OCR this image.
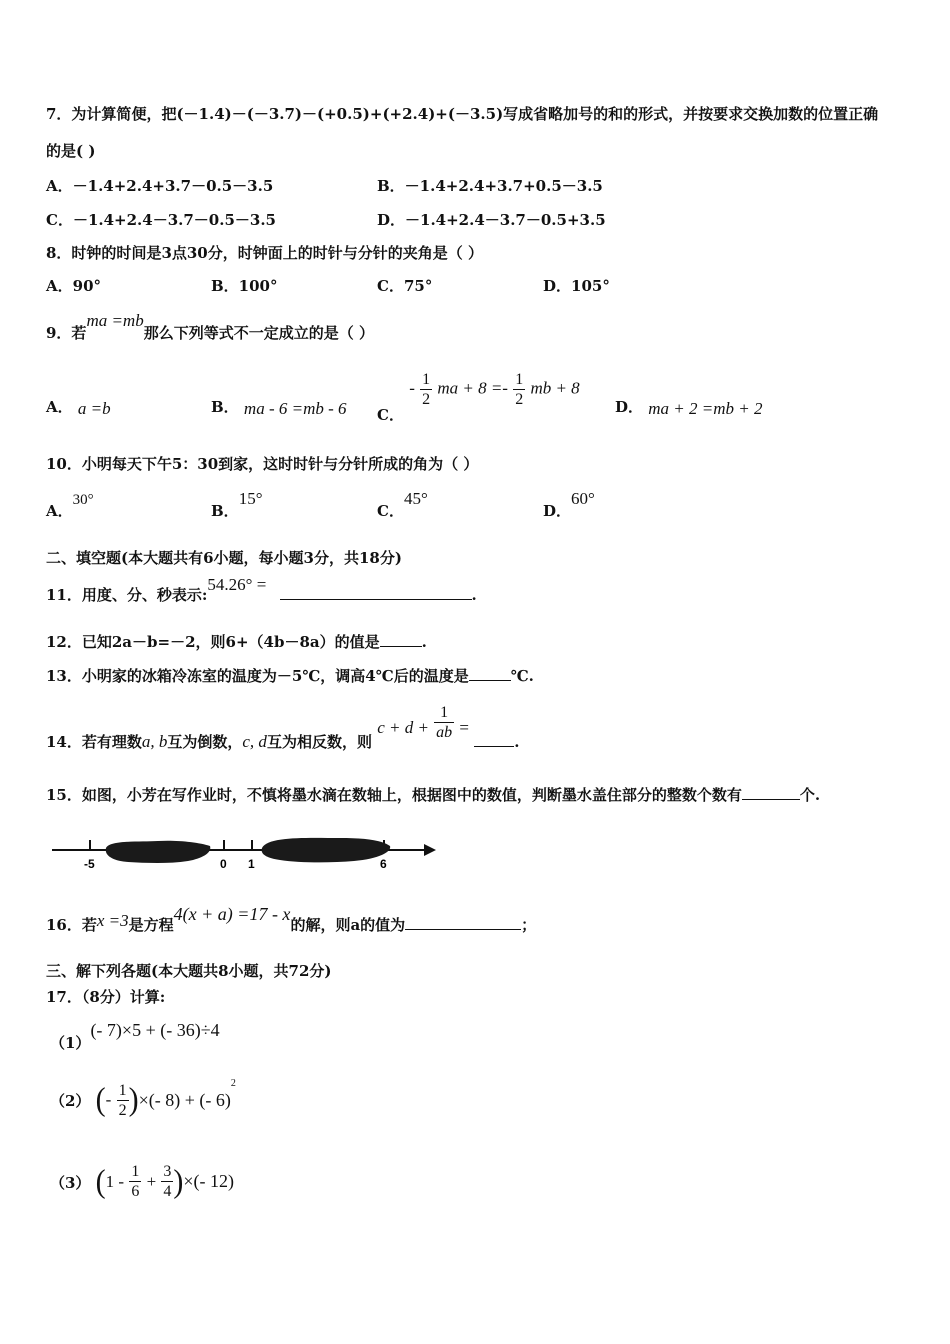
7．为计算简便，把(－1.4)－(－3.7)－(+0.5)+(+2.4)+(－3.5)写成省略加号的和的形式，并按要求交换加数的位置正确
的是( )
A．－1.4+2.4+3.7－0.5－3.5	B．－1.4+2.4+3.7+0.5－3.5
C．－1.4+2.4－3.7－0.5－3.5	D．－1.4+2.4－3.7－0.5+3.5
8．时钟的时间是3点30分，时钟面上的时针与分针的夹角是（ ）
A．90°	B．100°	C．75°	D．105°
9．若ma =mb那么下列等式不一定成立的是（ ）
A． a =b	B． ma - 6 =mb - 6 C． - $\frac{1}{2}$ ma + $8 =- \frac{1}{2}$ mb + 8
D． ma + 2 =mb + 2
10．小明每天下午5：30到家，这时时针与分针所成的角为（ ）
A．30°
B．15°
C．45°
D．60°
二、填空题(本大题共有6小题，每小题3分，共18分)
11．用度、分、秒表示:54.26° = .
12．已知2a－b=－2，则6+（4b－8a）的值是	.
13．小明家的冰箱冷冻室的温度为－5℃，调高4℃后的温度是	℃.
14．若有理数a, b互为倒数，c, d互为相反数，则 $c + d + \frac{1}{ab}$ = .
15．如图，小芳在写作业时，不慎将墨水滴在数轴上，根据图中的数值，判断墨水盖住部分的整数个数有	个.
-5	0 1	6
16．若x =3是方程4(x + a) =17 - x的解，则a的值为	；
三、解下列各题(本大题共8小题，共72分)
17．（8分）计算:
（1）(- 7)×5 + (- 36)÷4
（2） (- $\frac{1}{2}$ )×(- 8) + (- 6)2
（3） ($1 - \frac{1}{6} + \frac{3}{4}$ )×(- 12)
